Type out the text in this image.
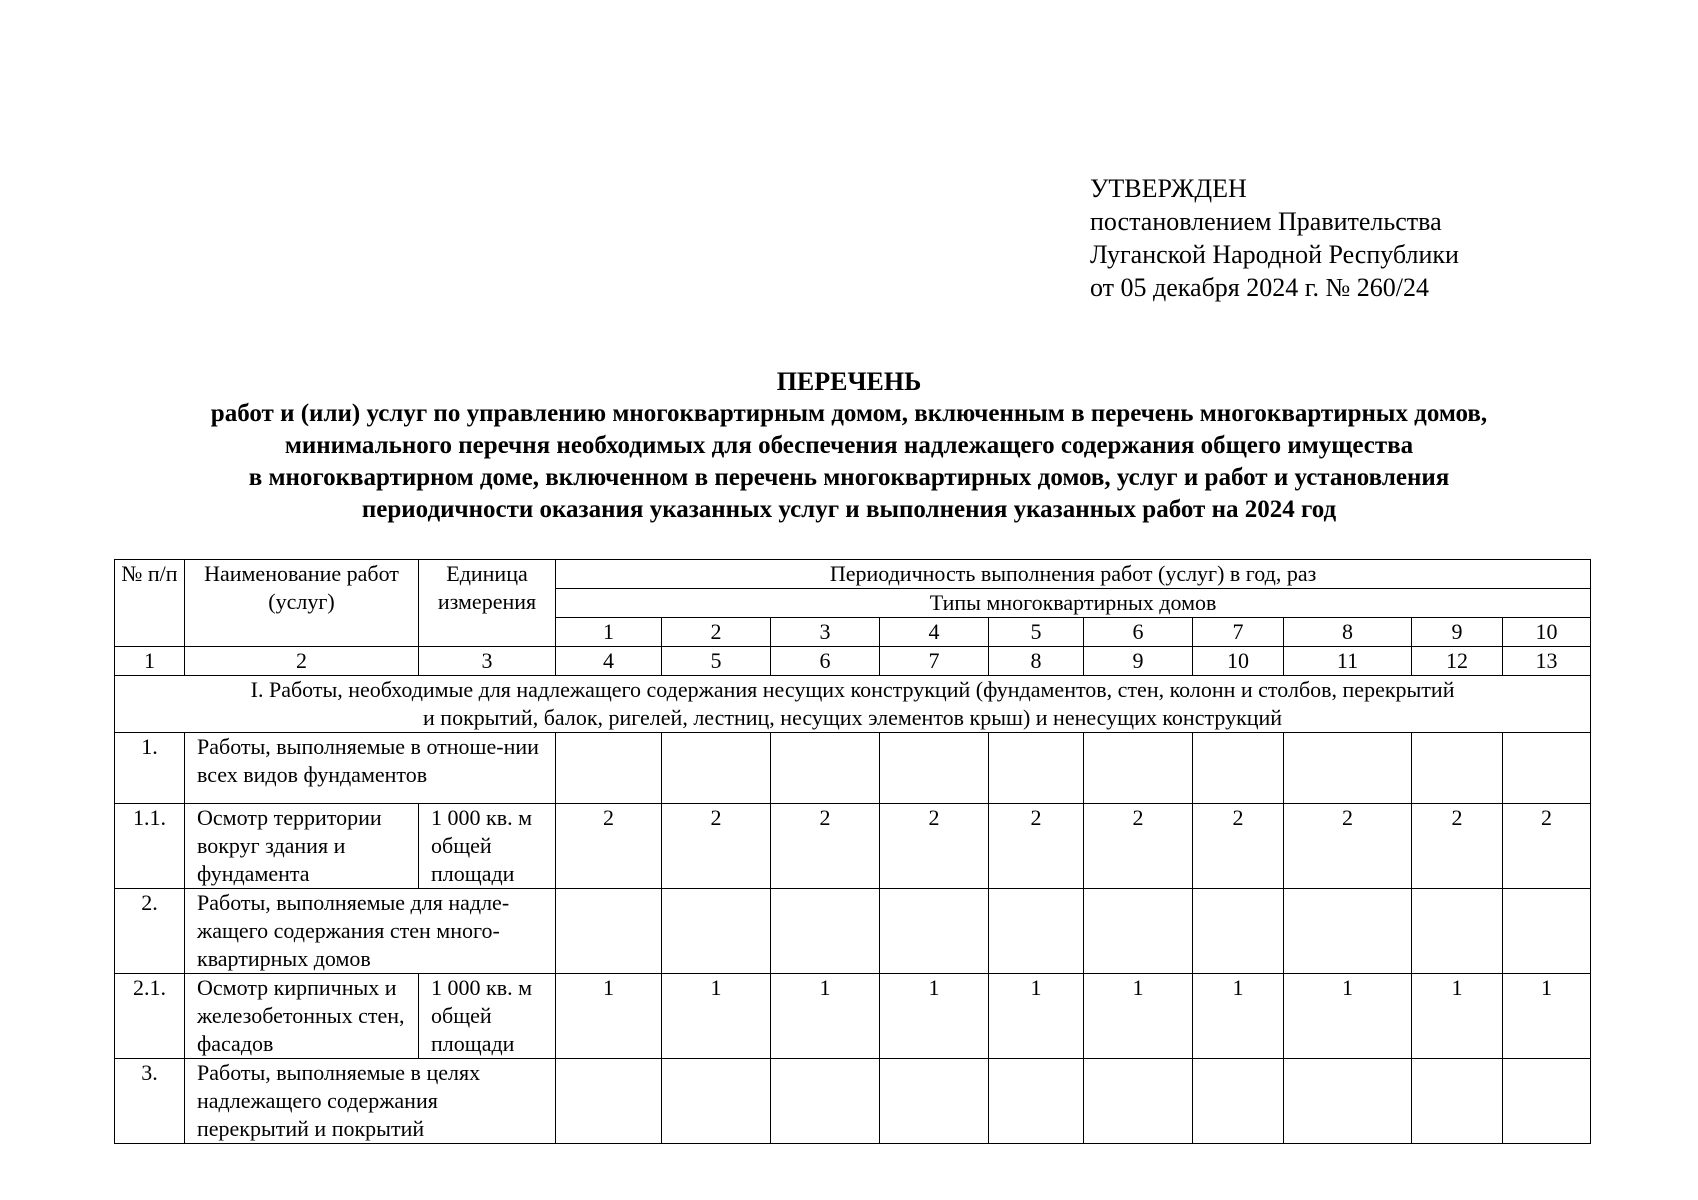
УТВЕРЖДЕН
постановлением Правительства
Луганской Народной Республики
от 05 декабря 2024 г. № 260/24
ПЕРЕЧЕНЬ
работ и (или) услуг по управлению многоквартирным домом, включенным в перечень многоквартирных домов,
минимального перечня необходимых для обеспечения надлежащего содержания общего имущества
в многоквартирном доме, включенном в перечень многоквартирных домов, услуг и работ и установления
периодичности оказания указанных услуг и выполнения указанных работ на 2024 год
№ п/п	Наименование работ (услуг)	Единица измерения	Периодичность выполнения работ (услуг) в год, раз									
			Типы многоквартирных домов									
			1	2	3	4	5	6	7	8	9	10
1	2	3	4	5	6	7	8	9	10	11	12	13

I. Работы, необходимые для надлежащего содержания несущих конструкций (фундаментов, стен, колонн и столбов, перекрытий
и покрытий, балок, ригелей, лестниц, несущих элементов крыш) и ненесущих конструкций												

1.	Работы, выполняемые в отноше-нии всех видов фундаментов											
1.1.	Осмотр территории вокруг здания и фундамента	1 000 кв. м общей площади	2	2	2	2	2	2	2	2	2	2
2.	Работы, выполняемые для надле-жащего содержания стен много-квартирных домов											
2.1.	Осмотр кирпичных и железобетонных стен, фасадов	1 000 кв. м общей площади	1	1	1	1	1	1	1	1	1	1
3.	Работы, выполняемые в целях надлежащего содержания перекрытий и покрытий											
